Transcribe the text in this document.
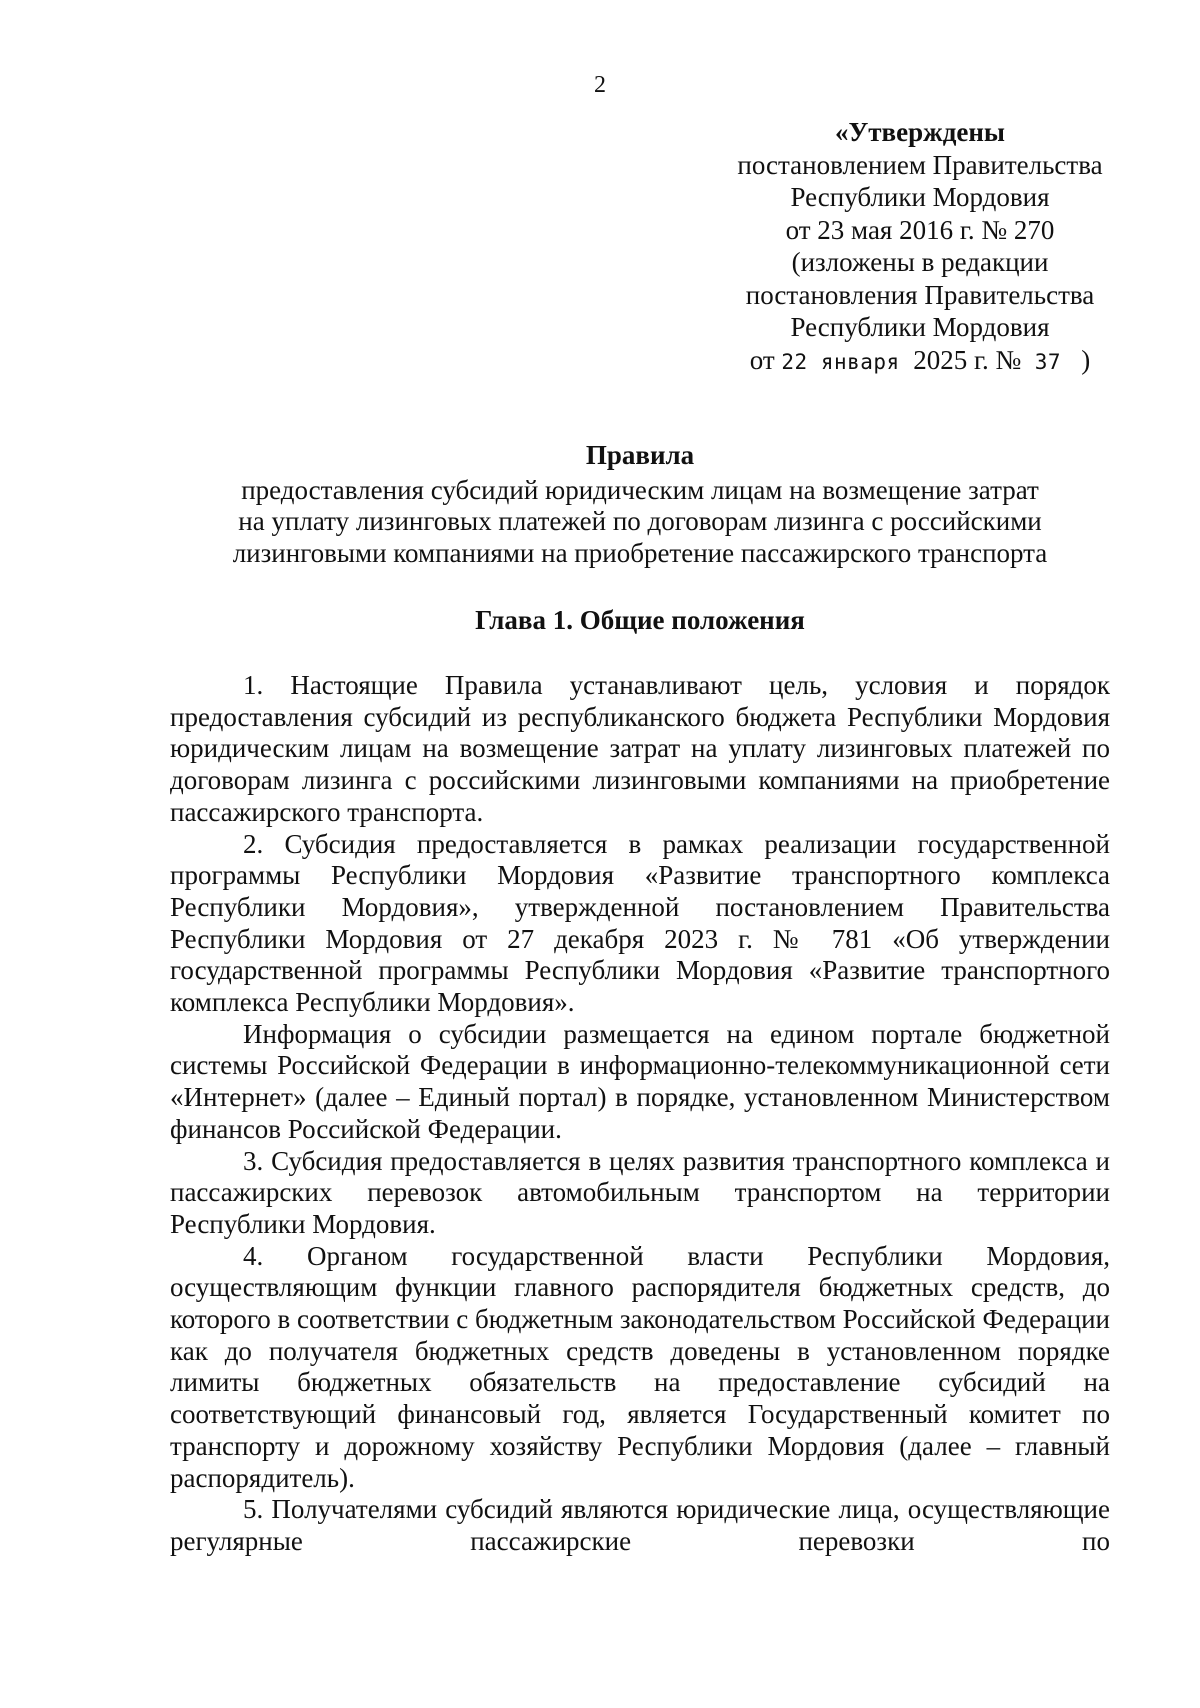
2
«Утверждены
постановлением Правительства
Республики Мордовия
от 23 мая 2016 г. № 270
(изложены в редакции
постановления Правительства
Республики Мордовия
от 22 января 2025 г. № 37 )
Правила
предоставления субсидий юридическим лицам на возмещение затрат
на уплату лизинговых платежей по договорам лизинга с российскими
лизинговыми компаниями на приобретение пассажирского транспорта
Глава 1. Общие положения

1. Настоящие Правила устанавливают цель, условия и порядок предоставления субсидий из республиканского бюджета Республики Мордовия юридическим лицам на возмещение затрат на уплату лизинговых платежей по договорам лизинга с российскими лизинговыми компаниями на приобретение пассажирского транспорта.

2. Субсидия предоставляется в рамках реализации государственной программы Республики Мордовия «Развитие транспортного комплекса Республики Мордовия», утвержденной постановлением Правительства Республики Мордовия от 27 декабря 2023 г. № 781 «Об утверждении государственной программы Республики Мордовия «Развитие транспортного комплекса Республики Мордовия».

Информация о субсидии размещается на едином портале бюджетной системы Российской Федерации в информационно-телекоммуникационной сети «Интернет» (далее – Единый портал) в порядке, установленном Министерством финансов Российской Федерации.

3. Субсидия предоставляется в целях развития транспортного комплекса и пассажирских перевозок автомобильным транспортом на территории Республики Мордовия.

4. Органом государственной власти Республики Мордовия, осуществляющим функции главного распорядителя бюджетных средств, до которого в соответствии с бюджетным законодательством Российской Федерации как до получателя бюджетных средств доведены в установленном порядке лимиты бюджетных обязательств на предоставление субсидий на соответствующий финансовый год, является Государственный комитет по транспорту и дорожному хозяйству Республики Мордовия (далее – главный распорядитель).

5. Получателями субсидий являются юридические лица, осуществляющие регулярные пассажирские перевозки по
